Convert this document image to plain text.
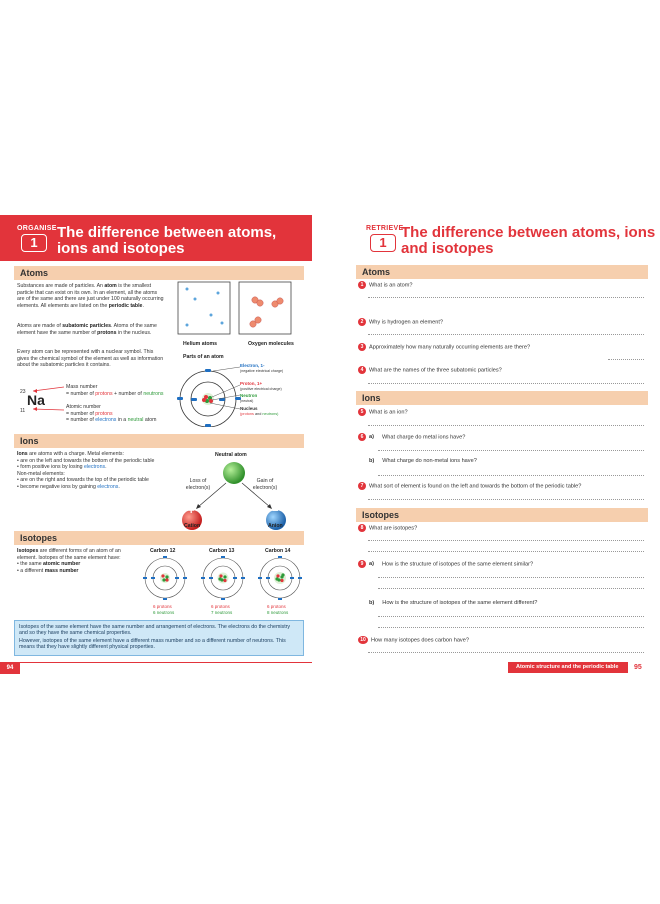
ORGANISE
1
The difference between atoms, ions and isotopes
Atoms
Substances are made of particles. An atom is the smallest particle that can exist on its own. In an element, all the atoms are of the same and there are just under 100 naturally occurring elements. All elements are listed on the periodic table.
Atoms are made of subatomic particles. Atoms of the same element have the same number of protons in the nucleus.
Every atom can be represented with a nuclear symbol. This gives the chemical symbol of the element as well as information about the subatomic particles it contains.
23 Na
11
Mass number
= number of protons + number of neutrons
Atomic number
= number of protons
= number of electrons in a neutral atom
Helium atoms	Oxygen molecules
Parts of an atom
Electron, 1-
(negative electrical charge)
Proton, 1+
(positive electrical charge)
Neutron
(neutral)
Nucleus
(protons and neutrons)
Ions
Ions are atoms with a charge. Metal elements:
• are on the left and towards the bottom of the periodic table
• form positive ions by losing electrons.
Non-metal elements:
• are on the right and towards the top of the periodic table
• become negative ions by gaining electrons.
Neutral atom
+	−
Loss of electron(s)
Gain of electron(s)
Cation	Anion
Isotopes
Isotopes are different forms of an atom of an element. Isotopes of the same element have:
• the same atomic number
• a different mass number
Carbon 12	Carbon 13	Carbon 14
6 protons
6 neutrons
6 protons
7 neutrons
6 protons
8 neutrons
Isotopes of the same element have the same number and arrangement of electrons. The electrons do the chemistry and so they have the same chemical properties.
However, isotopes of the same element have a different mass number and so a different number of neutrons. This means that they have slightly different physical properties.
94
RETRIEVE
1
The difference between atoms, ions and isotopes
Atoms
1 What is an atom?
2 Why is hydrogen an element?
3 Approximately how many naturally occurring elements are there?
4 What are the names of the three subatomic particles?
Ions
5 What is an ion?
6 a) What charge do metal ions have?
b) What charge do non-metal ions have?
7 What sort of element is found on the left and towards the bottom of the periodic table?
Isotopes
8 What are isotopes?
9 a) How is the structure of isotopes of the same element similar?
b) How is the structure of isotopes of the same element different?
10 How many isotopes does carbon have?
Atomic structure and the periodic table	95
